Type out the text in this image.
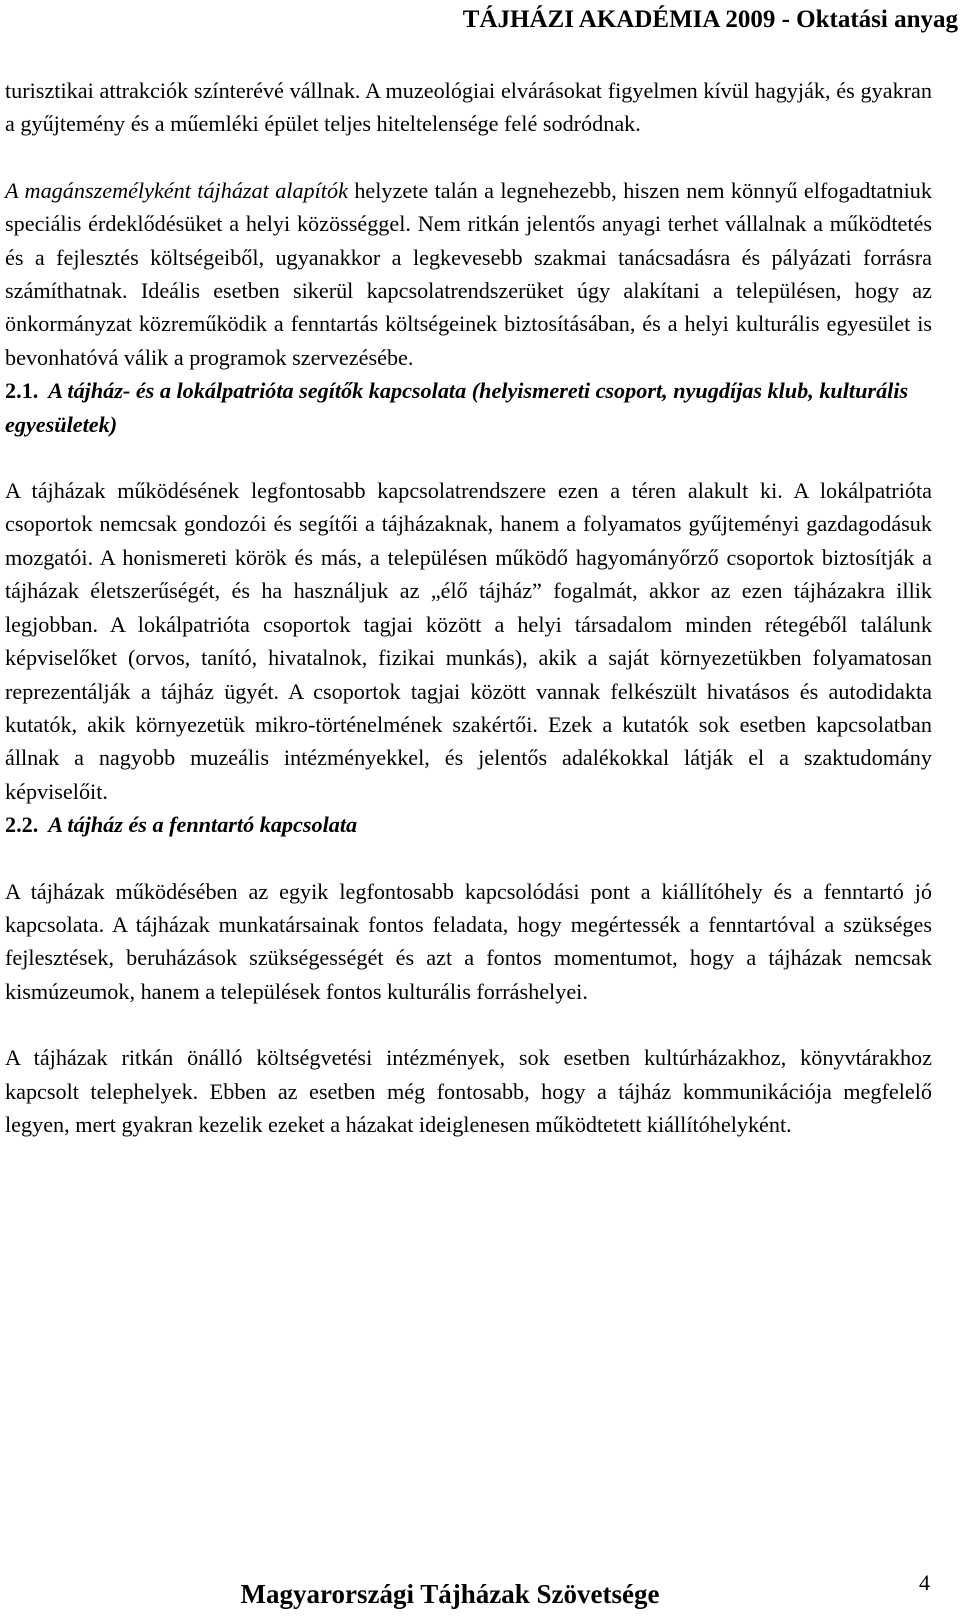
TÁJHÁZI AKADÉMIA 2009 - Oktatási anyag

turisztikai attrakciók színterévé vállnak. A muzeológiai elvárásokat figyelmen kívül hagyják, és gyakran a gyűjtemény és a műemléki épület teljes hiteltelensége felé sodródnak.

A magánszemélyként tájházat alapítók helyzete talán a legnehezebb, hiszen nem könnyű elfogadtatniuk speciális érdeklődésüket a helyi közösséggel. Nem ritkán jelentős anyagi terhet vállalnak a működtetés és a fejlesztés költségeiből, ugyanakkor a legkevesebb szakmai tanácsadásra és pályázati forrásra számíthatnak. Ideális esetben sikerül kapcsolatrendszerüket úgy alakítani a településen, hogy az önkormányzat közreműködik a fenntartás költségeinek biztosításában, és a helyi kulturális egyesület is bevonhatóvá válik a programok szervezésébe.

2.1. A tájház- és a lokálpatrióta segítők kapcsolata (helyismereti csoport, nyugdíjas klub, kulturális egyesületek)

A tájházak működésének legfontosabb kapcsolatrendszere ezen a téren alakult ki. A lokálpatrióta csoportok nemcsak gondozói és segítői a tájházaknak, hanem a folyamatos gyűjteményi gazdagodásuk mozgatói. A honismereti körök és más, a településen működő hagyományőrző csoportok biztosítják a tájházak életszerűségét, és ha használjuk az „élő tájház” fogalmát, akkor az ezen tájházakra illik legjobban. A lokálpatrióta csoportok tagjai között a helyi társadalom minden rétegéből találunk képviselőket (orvos, tanító, hivatalnok, fizikai munkás), akik a saját környezetükben folyamatosan reprezentálják a tájház ügyét. A csoportok tagjai között vannak felkészült hivatásos és autodidakta kutatók, akik környezetük mikro-történelmének szakértői. Ezek a kutatók sok esetben kapcsolatban állnak a nagyobb muzeális intézményekkel, és jelentős adalékokkal látják el a szaktudomány képviselőit.

2.2. A tájház és a fenntartó kapcsolata

A tájházak működésében az egyik legfontosabb kapcsolódási pont a kiállítóhely és a fenntartó jó kapcsolata. A tájházak munkatársainak fontos feladata, hogy megértessék a fenntartóval a szükséges fejlesztések, beruházások szükségességét és azt a fontos momentumot, hogy a tájházak nemcsak kismúzeumok, hanem a települések fontos kulturális forráshelyei.

A tájházak ritkán önálló költségvetési intézmények, sok esetben kultúrházakhoz, könyvtárakhoz kapcsolt telephelyek. Ebben az esetben még fontosabb, hogy a tájház kommunikációja megfelelő legyen, mert gyakran kezelik ezeket a házakat ideiglenesen működtetett kiállítóhelyként.

Magyarországi Tájházak Szövetsége	4
